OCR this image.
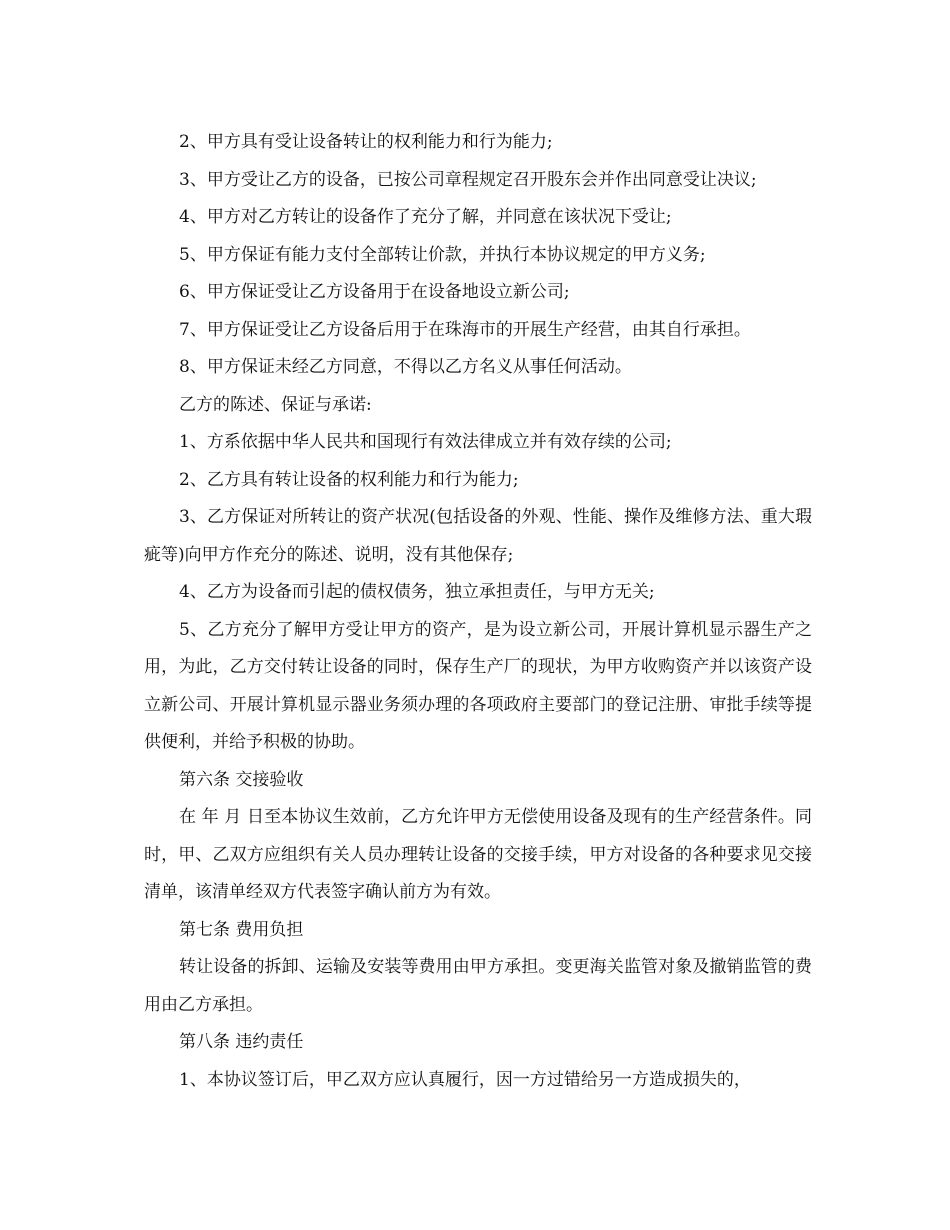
2、甲方具有受让设备转让的权利能力和行为能力;

3、甲方受让乙方的设备，已按公司章程规定召开股东会并作出同意受让决议;

4、甲方对乙方转让的设备作了充分了解，并同意在该状况下受让;

5、甲方保证有能力支付全部转让价款，并执行本协议规定的甲方义务;

6、甲方保证受让乙方设备用于在设备地设立新公司;

7、甲方保证受让乙方设备后用于在珠海市的开展生产经营，由其自行承担。

8、甲方保证未经乙方同意，不得以乙方名义从事任何活动。

乙方的陈述、保证与承诺:

1、方系依据中华人民共和国现行有效法律成立并有效存续的公司;

2、乙方具有转让设备的权利能力和行为能力;

3、乙方保证对所转让的资产状况(包括设备的外观、性能、操作及维修方法、重大瑕疵等)向甲方作充分的陈述、说明，没有其他保存;

4、乙方为设备而引起的债权债务，独立承担责任，与甲方无关;

5、乙方充分了解甲方受让甲方的资产，是为设立新公司，开展计算机显示器生产之用，为此，乙方交付转让设备的同时，保存生产厂的现状，为甲方收购资产并以该资产设立新公司、开展计算机显示器业务须办理的各项政府主要部门的登记注册、审批手续等提供便利，并给予积极的协助。

第六条 交接验收

在 年 月 日至本协议生效前，乙方允许甲方无偿使用设备及现有的生产经营条件。同时，甲、乙双方应组织有关人员办理转让设备的交接手续，甲方对设备的各种要求见交接清单，该清单经双方代表签字确认前方为有效。

第七条 费用负担

转让设备的拆卸、运输及安装等费用由甲方承担。变更海关监管对象及撤销监管的费用由乙方承担。

第八条 违约责任

1、本协议签订后，甲乙双方应认真履行，因一方过错给另一方造成损失的，
